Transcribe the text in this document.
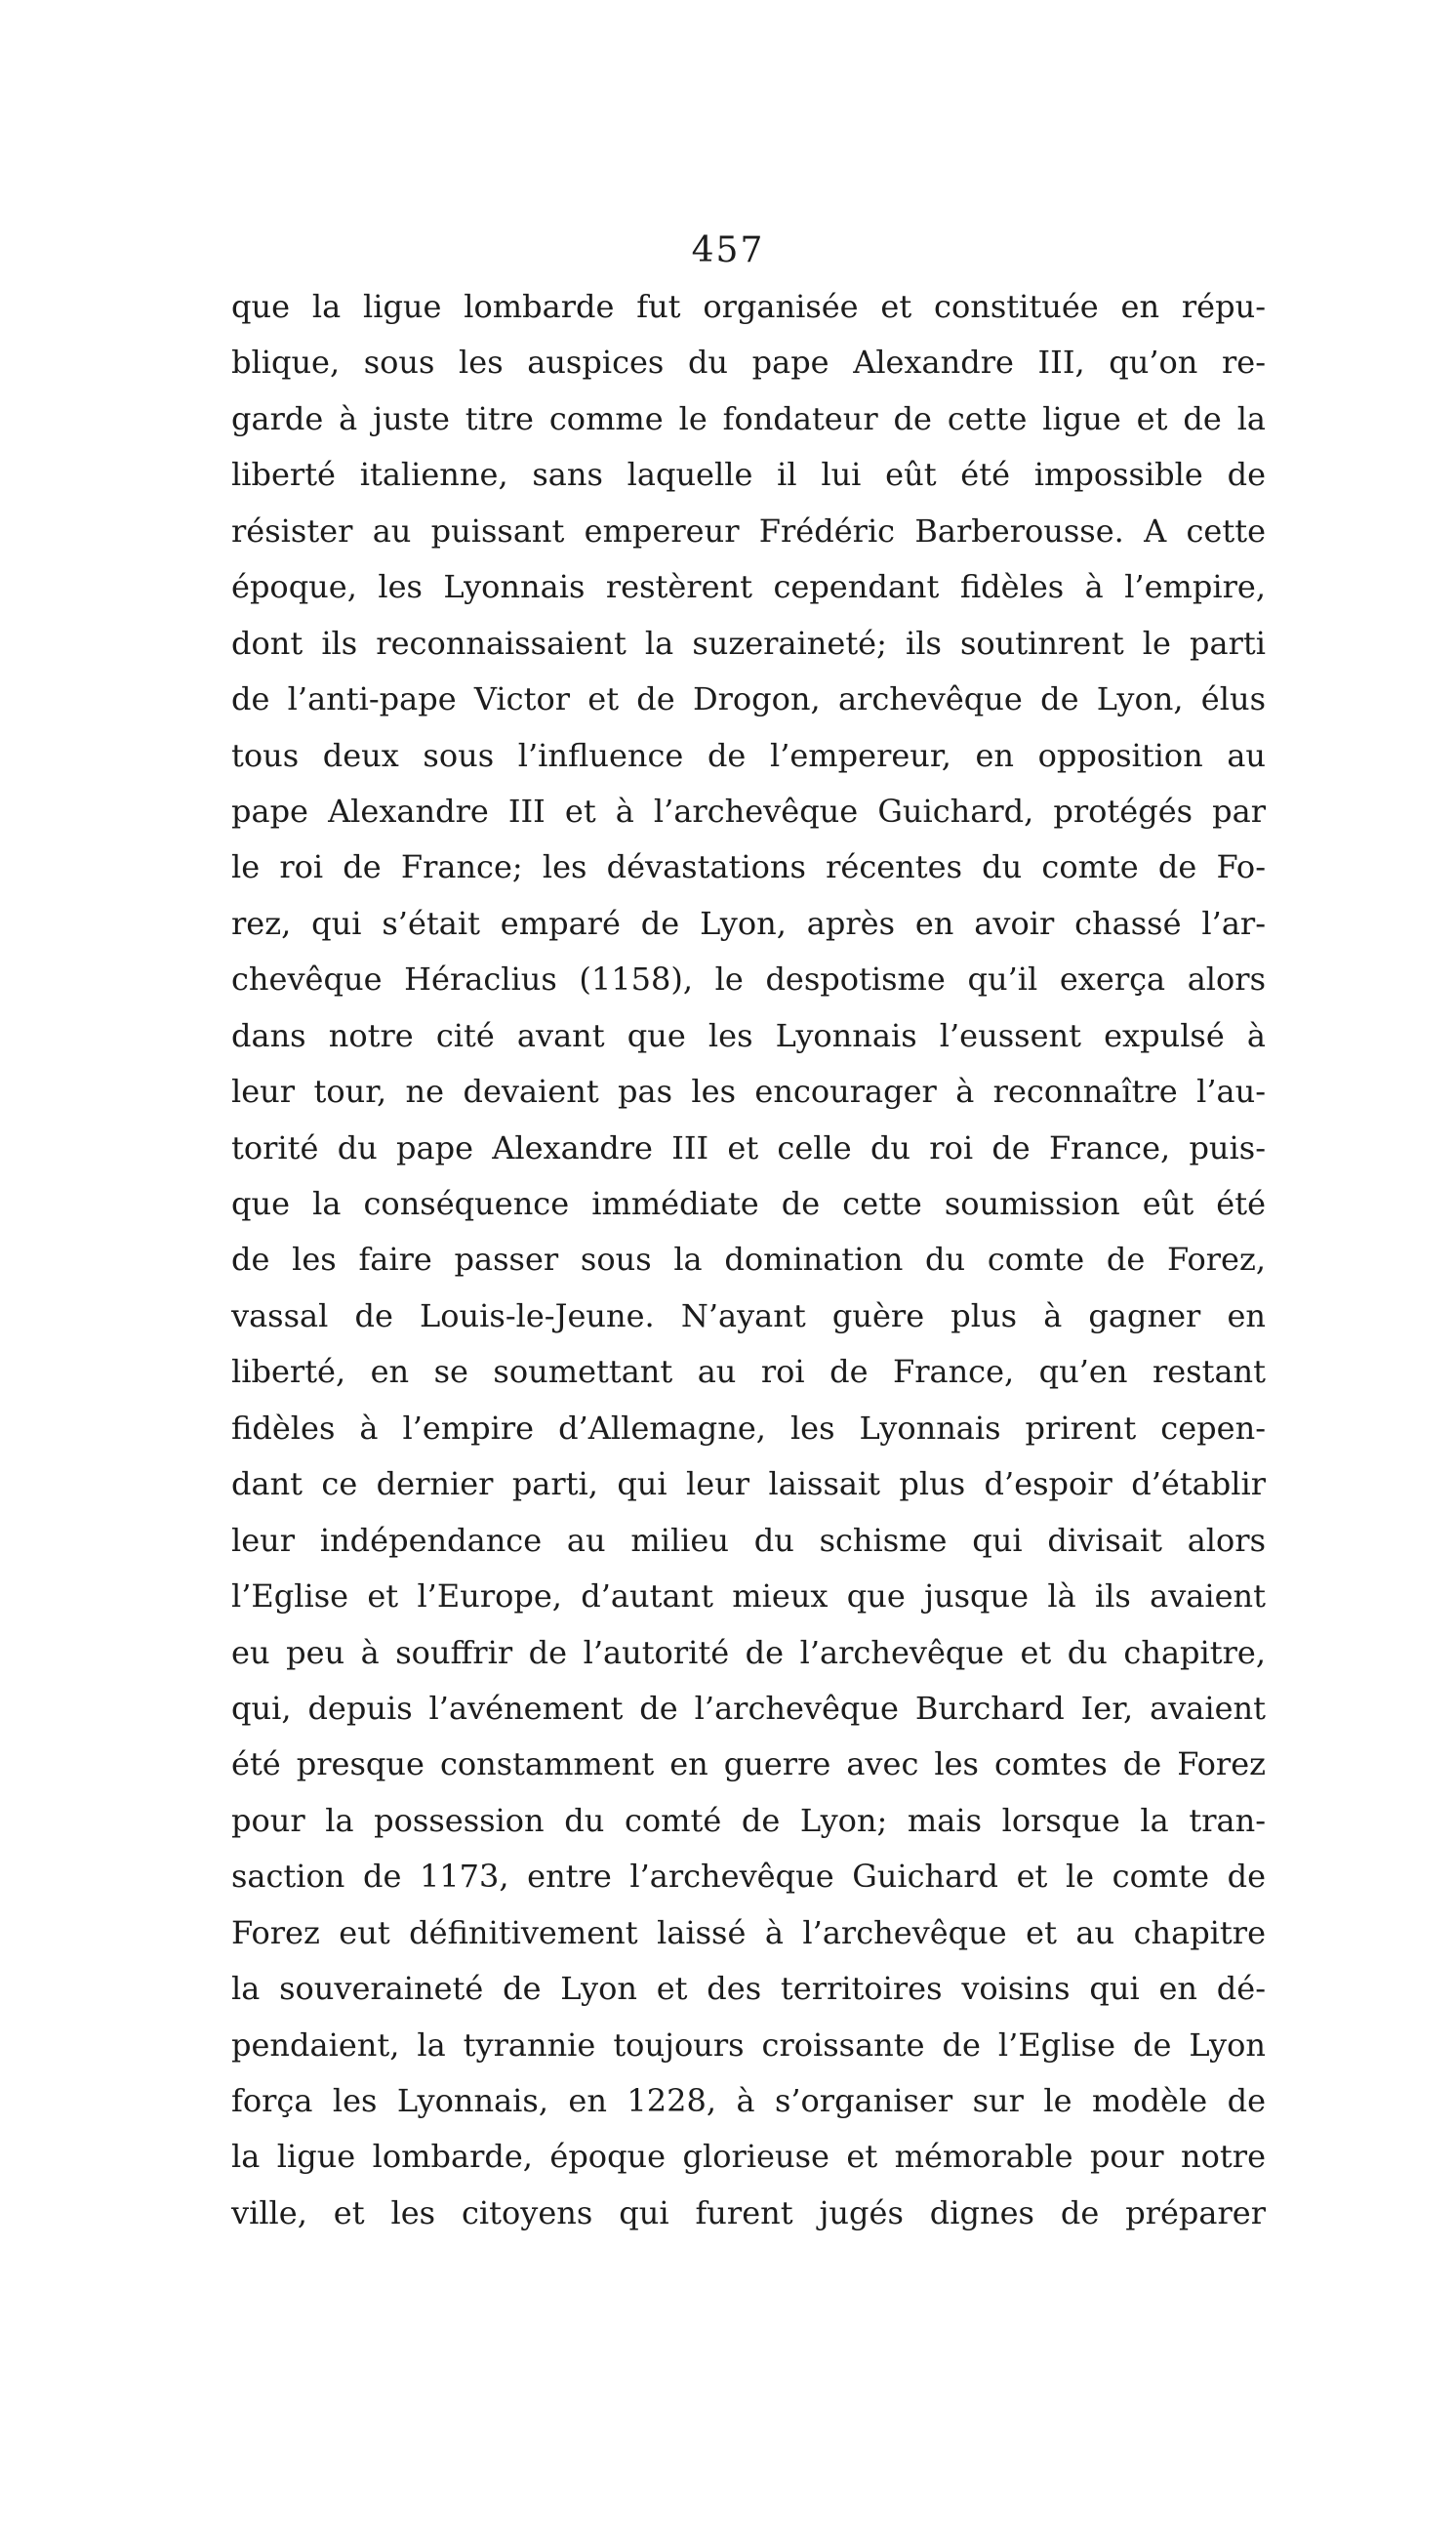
457
que la ligue lombarde fut organisée et constituée en répu-
blique, sous les auspices du pape Alexandre III, qu’on re-
garde à juste titre comme le fondateur de cette ligue et de la
liberté italienne, sans laquelle il lui eût été impossible de
résister au puissant empereur Frédéric Barberousse. A cette
époque, les Lyonnais restèrent cependant fidèles à l’empire,
dont ils reconnaissaient la suzeraineté; ils soutinrent le parti
de l’anti-pape Victor et de Drogon, archevêque de Lyon, élus
tous deux sous l’influence de l’empereur, en opposition au
pape Alexandre III et à l’archevêque Guichard, protégés par
le roi de France; les dévastations récentes du comte de Fo-
rez, qui s’était emparé de Lyon, après en avoir chassé l’ar-
chevêque Héraclius (1158), le despotisme qu’il exerça alors
dans notre cité avant que les Lyonnais l’eussent expulsé à
leur tour, ne devaient pas les encourager à reconnaître l’au-
torité du pape Alexandre III et celle du roi de France, puis-
que la conséquence immédiate de cette soumission eût été
de les faire passer sous la domination du comte de Forez,
vassal de Louis-le-Jeune. N’ayant guère plus à gagner en
liberté, en se soumettant au roi de France, qu’en restant
fidèles à l’empire d’Allemagne, les Lyonnais prirent cepen-
dant ce dernier parti, qui leur laissait plus d’espoir d’établir
leur indépendance au milieu du schisme qui divisait alors
l’Eglise et l’Europe, d’autant mieux que jusque là ils avaient
eu peu à souffrir de l’autorité de l’archevêque et du chapitre,
qui, depuis l’avénement de l’archevêque Burchard Ier, avaient
été presque constamment en guerre avec les comtes de Forez
pour la possession du comté de Lyon; mais lorsque la tran-
saction de 1173, entre l’archevêque Guichard et le comte de
Forez eut définitivement laissé à l’archevêque et au chapitre
la souveraineté de Lyon et des territoires voisins qui en dé-
pendaient, la tyrannie toujours croissante de l’Eglise de Lyon
força les Lyonnais, en 1228, à s’organiser sur le modèle de
la ligue lombarde, époque glorieuse et mémorable pour notre
ville, et les citoyens qui furent jugés dignes de préparer
